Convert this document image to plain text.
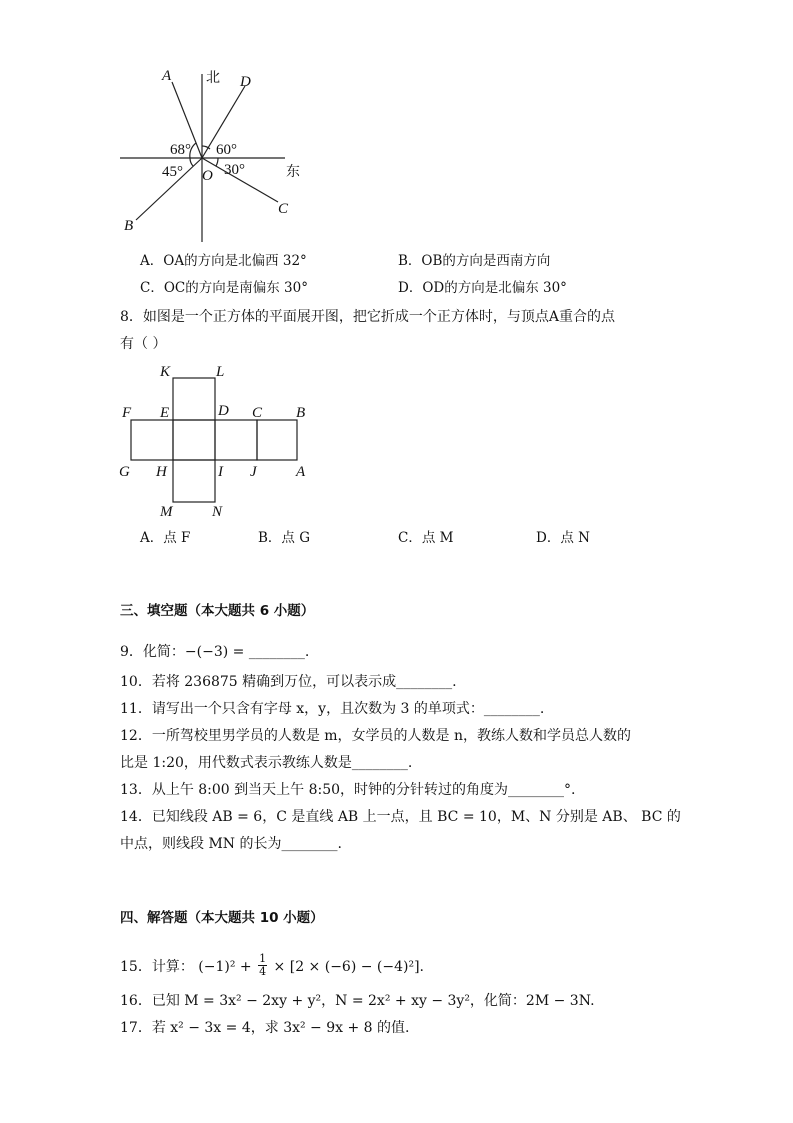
A 北 D
68° 60°
45° O 30°	东
C
B
A．OA的方向是北偏西 32°	B．OB的方向是西南方向
C．OC的方向是南偏东 30°	D．OD的方向是北偏东 30°
8．如图是一个正方体的平面展开图，把它折成一个正方体时，与顶点A重合的点
有（ ）
K	L
F E	D C B
G H	I J	A
M	N
A．点 F	B．点 G	C．点 M	D．点 N
三、填空题（本大题共 6 小题）
9．化简：−(−3) = ________.
10．若将 236875 精确到万位，可以表示成________.
11．请写出一个只含有字母 x，y，且次数为 3 的单项式：________.
12．一所驾校里男学员的人数是 m，女学员的人数是 n，教练人数和学员总人数的
比是 1:20，用代数式表示教练人数是________.
13．从上午 8:00 到当天上午 8:50，时钟的分针转过的角度为________°.
14．已知线段 AB = 6，C 是直线 AB 上一点，且 BC = 10，M、N 分别是 AB、 BC 的
中点，则线段 MN 的长为________.
四、解答题（本大题共 10 小题）
15．计算： $(-1)^2 + \frac{1}{4} \times [2 \times (-6) - (-4)^2]$.
16．已知 M = 3x² − 2xy + y²，N = 2x² + xy − 3y²，化简：2M − 3N.
17．若 x² − 3x = 4，求 3x² − 9x + 8 的值.
